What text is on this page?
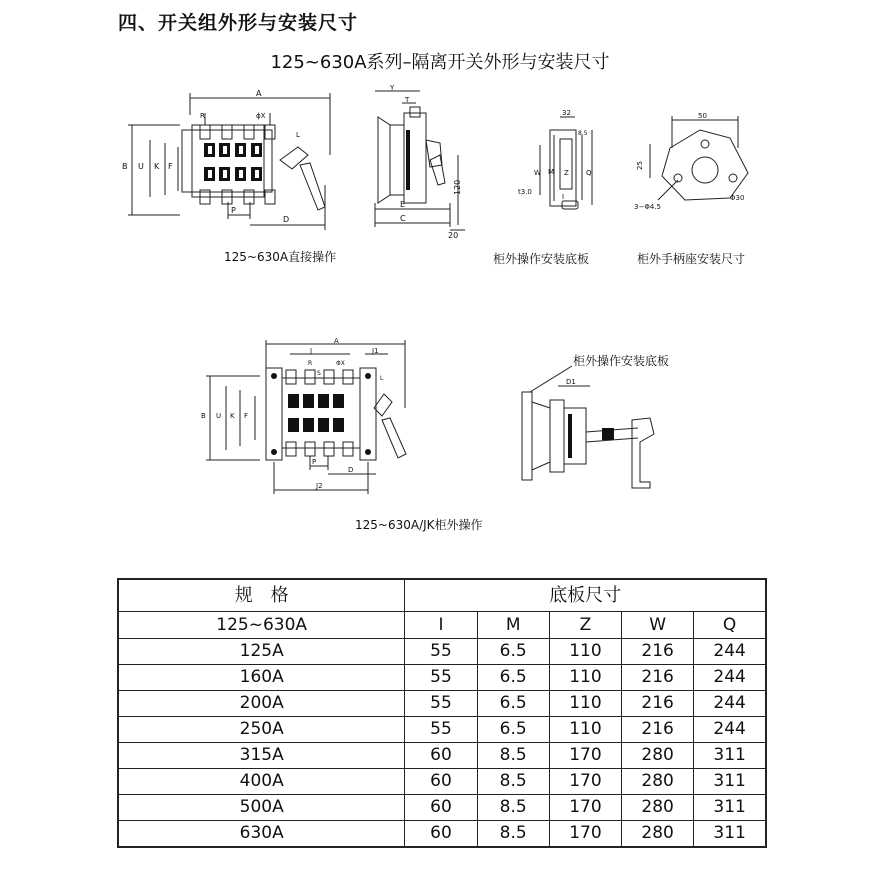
四、开关组外形与安装尺寸
125~630A系列–隔离开关外形与安装尺寸
A
R	ϕX
L
B U K F
P
D
Y
T
E
C
120
20
32
8.5
M
W	Z Q
t3.0
I
50
25
3−Φ4.5
Φ30
125~630A直接操作	柜外操作安装底板	柜外手柄座安装尺寸
A
J	J1
R
S
ΦX
L
B U K F
P
D
J2
柜外操作安装底板
D1
125~630A/JK柜外操作
规　格	底板尺寸				
125~630A	I	M	Z	W	Q
125A	55	6.5	110	216	244
160A	55	6.5	110	216	244
200A	55	6.5	110	216	244
250A	55	6.5	110	216	244
315A	60	8.5	170	280	311
400A	60	8.5	170	280	311
500A	60	8.5	170	280	311
630A	60	8.5	170	280	311
